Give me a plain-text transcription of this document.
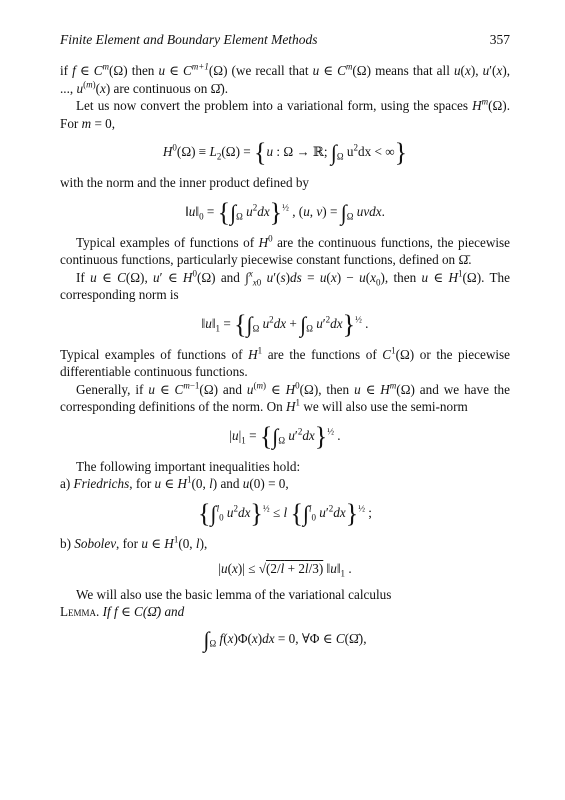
Finite Element and Boundary Element Methods	357

if f ∈ $C^m(\Omega)$ then u ∈ $C^{m+1}(\Omega)$ (we recall that u ∈ $C^m(\Omega)$ means that all u(x), u′(x), ..., $u^{(m)}(x)$ are continuous on Ω̄).

Let us now convert the problem into a variational form, using the spaces $H^m(\Omega)$. For m = 0,

$H^0(\Omega) \equiv L_2(\Omega) = \{u$ : Ω → ℝ; $\int_\Omega$ $u^2dx$ < ∞}

with the norm and the inner product defined by

$‖u‖_0 = \{\int_\Omega$ $u^2dx\}^{\frac{1}{2}}$ , (u, $v) = \int_\Omega$ uvdx.

Typical examples of functions of $H^0$ are the continuous functions, the piecewise continuous functions, particularly piecewise constant functions, defined on Ω̄.

If u ∈ C(Ω), u′ ∈ $H^0(\Omega)$ and ∫$^x_{x0}$ $u'(s)ds = u(x) - u(x_0)$, then u ∈ $H^1(\Omega)$. The corresponding norm is

$‖u‖_1 = \{\int_\Omega$ $u^2dx + \int_\Omega$ $u'^2dx\}^{\frac{1}{2}}$ .

Typical examples of functions of $H^1$ are the functions of $C^1(\Omega)$ or the piecewise differentiable continuous functions.

Generally, if u ∈ $C^{m-1}(\Omega)$ and $u^{(m)}$ ∈ $H^0(\Omega)$, then u ∈ $H^m(\Omega)$ and we have the corresponding definitions of the norm. On $H^1$ we will also use the semi-norm

$|u|_1 = \{\int_\Omega$ $u'^2dx\}^{\frac{1}{2}}$ .

The following important inequalities hold:

a) Friedrichs, for u ∈ $H^1(0$, l) and u(0) = 0,

{∫$^l_0$ $u^2dx\}^{\frac{1}{2}} \le l$ {∫$^l_0$ $u'^2dx\}^{\frac{1}{2}}$ ;

b) Sobolev, for u ∈ $H^1(0$, l),

|u(x)| ≤ √(2/l + 2l/3) $‖u‖_1$ .

We will also use the basic lemma of the variational calculus

Lemma. If f ∈ C(Ω̄) and

$\int_\Omega$ f(x)Φ(x)dx = 0, ∀Φ ∈ C(Ω̄),
